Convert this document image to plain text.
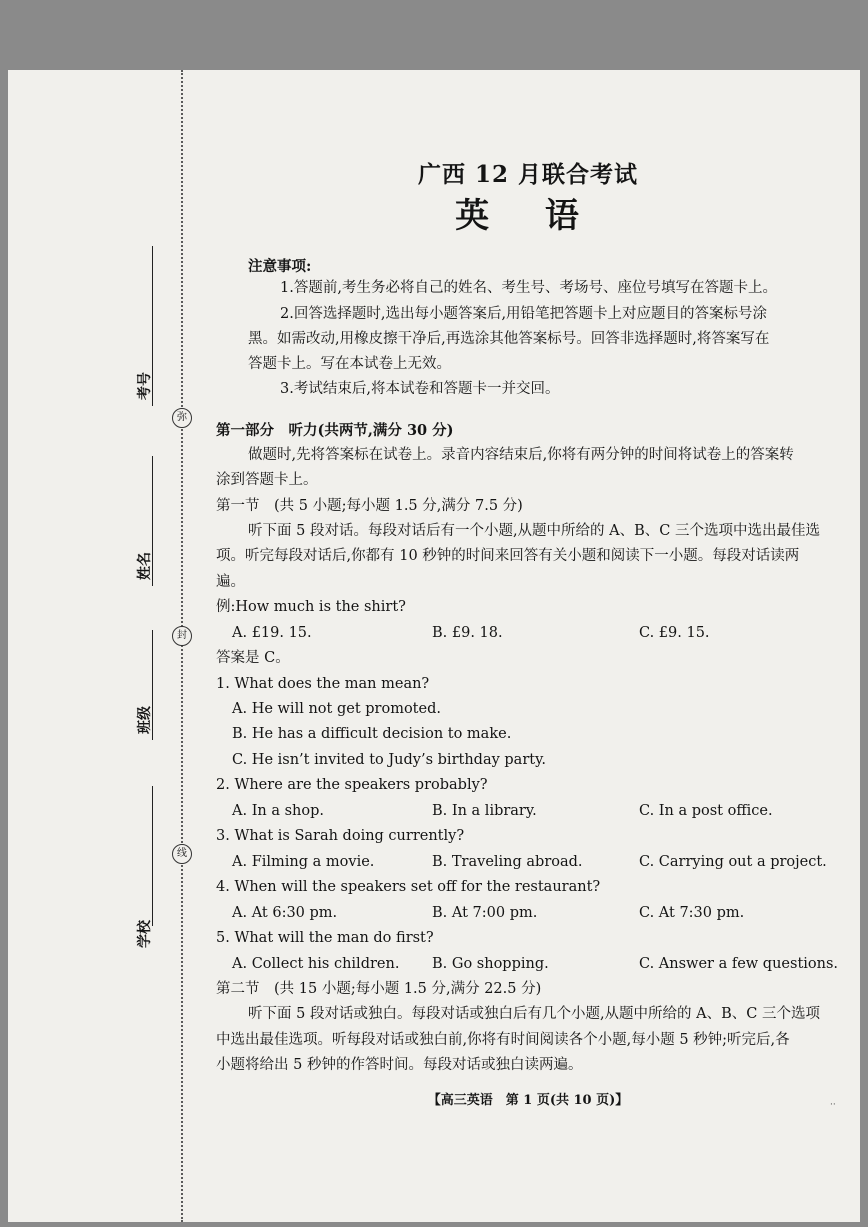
弥
封
线
考号
姓名
班级
学校
广西 12 月联合考试
英 语
注意事项:
1.答题前,考生务必将自己的姓名、考生号、考场号、座位号填写在答题卡上。
2.回答选择题时,选出每小题答案后,用铅笔把答题卡上对应题目的答案标号涂
黑。如需改动,用橡皮擦干净后,再选涂其他答案标号。回答非选择题时,将答案写在
答题卡上。写在本试卷上无效。
3.考试结束后,将本试卷和答题卡一并交回。
第一部分　听力(共两节,满分 30 分)
做题时,先将答案标在试卷上。录音内容结束后,你将有两分钟的时间将试卷上的答案转
涂到答题卡上。
第一节　(共 5 小题;每小题 1.5 分,满分 7.5 分)
听下面 5 段对话。每段对话后有一个小题,从题中所给的 A、B、C 三个选项中选出最佳选
项。听完每段对话后,你都有 10 秒钟的时间来回答有关小题和阅读下一小题。每段对话读两
遍。
例:How much is the shirt?
A. £19. 15.	B. £9. 18.	C. £9. 15.
答案是 C。
1. What does the man mean?
A. He will not get promoted.
B. He has a difficult decision to make.
C. He isn’t invited to Judy’s birthday party.
2. Where are the speakers probably?
A. In a shop.	B. In a library.	C. In a post office.
3. What is Sarah doing currently?
A. Filming a movie.	B. Traveling abroad.	C. Carrying out a project.
4. When will the speakers set off for the restaurant?
A. At 6:30 pm.	B. At 7:00 pm.	C. At 7:30 pm.
5. What will the man do first?
A. Collect his children. B. Go shopping.	C. Answer a few questions.
第二节　(共 15 小题;每小题 1.5 分,满分 22.5 分)
听下面 5 段对话或独白。每段对话或独白后有几个小题,从题中所给的 A、B、C 三个选项
中选出最佳选项。听每段对话或独白前,你将有时间阅读各个小题,每小题 5 秒钟;听完后,各
小题将给出 5 秒钟的作答时间。每段对话或独白读两遍。
【高三英语　第 1 页(共 10 页)】	··
